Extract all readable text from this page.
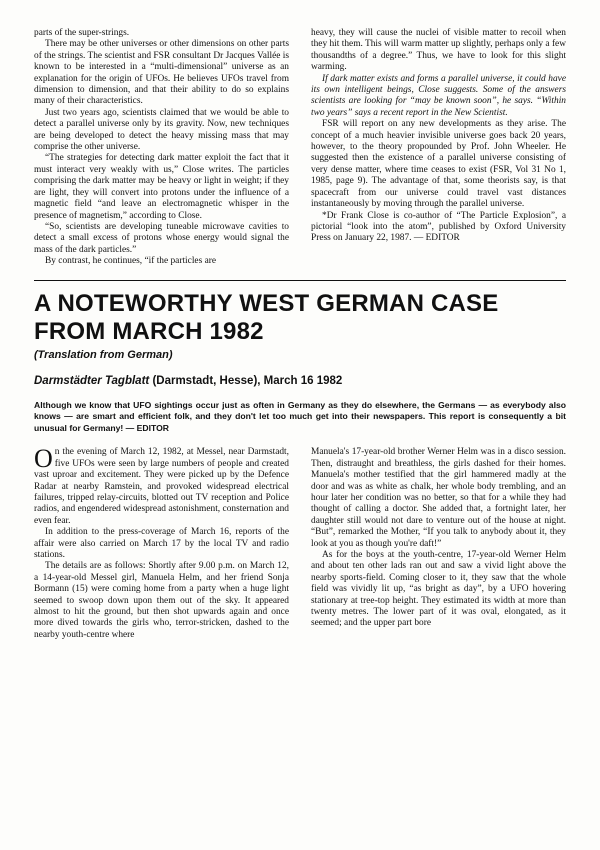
parts of the super-strings.

There may be other universes or other dimensions on other parts of the strings. The scientist and FSR consultant Dr Jacques Vallée is known to be interested in a “multi-dimensional” universe as an explanation for the origin of UFOs. He believes UFOs travel from dimension to dimension, and that their ability to do so explains many of their characteristics.

Just two years ago, scientists claimed that we would be able to detect a parallel universe only by its gravity. Now, new techniques are being developed to detect the heavy missing mass that may comprise the other universe.

“The strategies for detecting dark matter exploit the fact that it must interact very weakly with us,” Close writes. The particles comprising the dark matter may be heavy or light in weight; if they are light, they will convert into protons under the influence of a magnetic field “and leave an electromagnetic whisper in the presence of magnetism,” according to Close.

“So, scientists are developing tuneable microwave cavities to detect a small excess of protons whose energy would signal the mass of the dark particles.”

By contrast, he continues, “if the particles are

heavy, they will cause the nuclei of visible matter to recoil when they hit them. This will warm matter up slightly, perhaps only a few thousandths of a degree.” Thus, we have to look for this slight warming.

If dark matter exists and forms a parallel universe, it could have its own intelligent beings, Close suggests. Some of the answers scientists are looking for “may be known soon”, he says. “Within two years” says a recent report in the New Scientist.

FSR will report on any new developments as they arise. The concept of a much heavier invisible universe goes back 20 years, however, to the theory propounded by Prof. John Wheeler. He suggested then the existence of a parallel universe consisting of very dense matter, where time ceases to exist (FSR, Vol 31 No 1, 1985, page 9). The advantage of that, some theorists say, is that spacecraft from our universe could travel vast distances instantaneously by moving through the parallel universe.

*Dr Frank Close is co-author of “The Particle Explosion”, a pictorial “look into the atom”, published by Oxford University Press on January 22, 1987. — EDITOR

A NOTEWORTHY WEST GERMAN CASE
FROM MARCH 1982
(Translation from German)
Darmstädter Tagblatt (Darmstadt, Hesse), March 16 1982
Although we know that UFO sightings occur just as often in Germany as they do elsewhere, the Germans — as everybody also knows — are smart and efficient folk, and they don't let too much get into their newspapers. This report is consequently a bit unusual for Germany! — EDITOR

On the evening of March 12, 1982, at Messel, near Darmstadt, five UFOs were seen by large numbers of people and created vast uproar and excitement. They were picked up by the Defence Radar at nearby Ramstein, and provoked widespread electrical failures, tripped relay-circuits, blotted out TV reception and Police radios, and engendered widespread astonishment, consternation and even fear.

In addition to the press-coverage of March 16, reports of the affair were also carried on March 17 by the local TV and radio stations.

The details are as follows: Shortly after 9.00 p.m. on March 12, a 14-year-old Messel girl, Manuela Helm, and her friend Sonja Bormann (15) were coming home from a party when a huge light seemed to swoop down upon them out of the sky. It appeared almost to hit the ground, but then shot upwards again and once more dived towards the girls who, terror-stricken, dashed to the nearby youth-centre where

Manuela's 17-year-old brother Werner Helm was in a disco session. Then, distraught and breathless, the girls dashed for their homes. Manuela's mother testified that the girl hammered madly at the door and was as white as chalk, her whole body trembling, and an hour later her condition was no better, so that for a while they had thought of calling a doctor. She added that, a fortnight later, her daughter still would not dare to venture out of the house at night. “But”, remarked the Mother, “If you talk to anybody about it, they look at you as though you're daft!”

As for the boys at the youth-centre, 17-year-old Werner Helm and about ten other lads ran out and saw a vivid light above the nearby sports-field. Coming closer to it, they saw that the whole field was vividly lit up, “as bright as day”, by a UFO hovering stationary at tree-top height. They estimated its width at more than twenty metres. The lower part of it was oval, elongated, as it seemed; and the upper part bore
